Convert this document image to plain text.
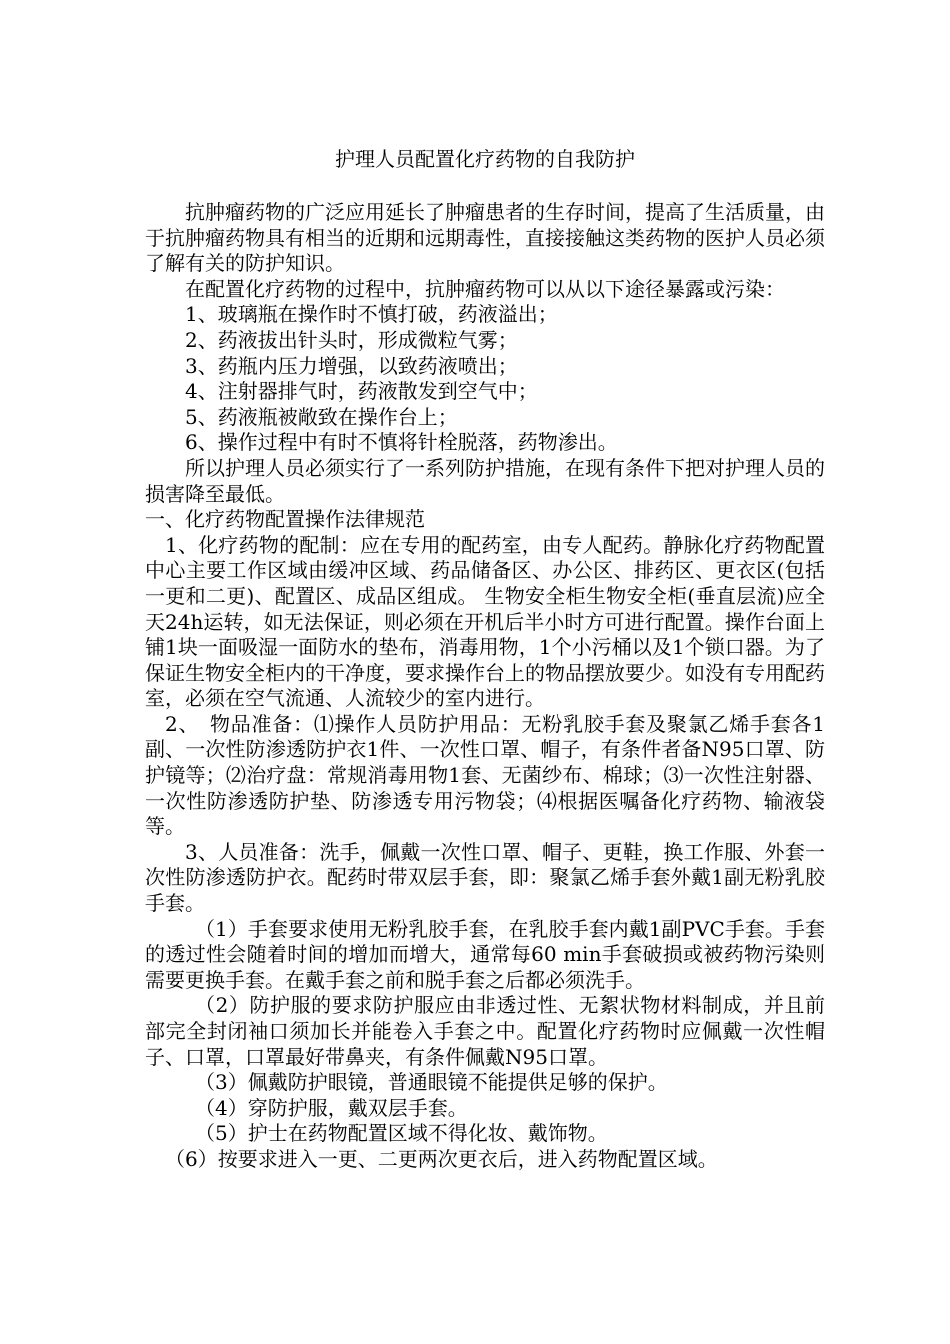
护理人员配置化疗药物的自我防护

抗肿瘤药物的广泛应用延长了肿瘤患者的生存时间，提高了生活质量，由于抗肿瘤药物具有相当的近期和远期毒性，直接接触这类药物的医护人员必须了解有关的防护知识。

在配置化疗药物的过程中，抗肿瘤药物可以从以下途径暴露或污染：

1、玻璃瓶在操作时不慎打破，药液溢出；

2、药液拔出针头时，形成微粒气雾；

3、药瓶内压力增强，以致药液喷出；

4、注射器排气时，药液散发到空气中；

5、药液瓶被敞致在操作台上；

6、操作过程中有时不慎将针栓脱落，药物渗出。

所以护理人员必须实行了一系列防护措施，在现有条件下把对护理人员的损害降至最低。

一、化疗药物配置操作法律规范

1、化疗药物的配制：应在专用的配药室，由专人配药。静脉化疗药物配置中心主要工作区域由缓冲区域、药品储备区、办公区、排药区、更衣区(包括一更和二更)、配置区、成品区组成。 生物安全柜生物安全柜(垂直层流)应全天24h运转，如无法保证，则必须在开机后半小时方可进行配置。操作台面上铺1块一面吸湿一面防水的垫布，消毒用物，1个小污桶以及1个锁口器。为了保证生物安全柜内的干净度，要求操作台上的物品摆放要少。如没有专用配药室，必须在空气流通、人流较少的室内进行。

2、　物品准备：⑴操作人员防护用品：无粉乳胶手套及聚氯乙烯手套各1副、一次性防渗透防护衣1件、一次性口罩、帽子，有条件者备N95口罩、防护镜等；⑵治疗盘：常规消毒用物1套、无菌纱布、棉球；⑶一次性注射器、一次性防渗透防护垫、防渗透专用污物袋；⑷根据医嘱备化疗药物、输液袋等。

3、人员准备：洗手，佩戴一次性口罩、帽子、更鞋，换工作服、外套一次性防渗透防护衣。配药时带双层手套，即：聚氯乙烯手套外戴1副无粉乳胶手套。

（1）手套要求使用无粉乳胶手套，在乳胶手套内戴1副PVC手套。手套的透过性会随着时间的增加而增大，通常每60 min手套破损或被药物污染则需要更换手套。在戴手套之前和脱手套之后都必须洗手。

（2）防护服的要求防护服应由非透过性、无絮状物材料制成，并且前部完全封闭袖口须加长并能卷入手套之中。配置化疗药物时应佩戴一次性帽子、口罩，口罩最好带鼻夹，有条件佩戴N95口罩。

（3）佩戴防护眼镜，普通眼镜不能提供足够的保护。

（4）穿防护服，戴双层手套。

（5）护士在药物配置区域不得化妆、戴饰物。

（6）按要求进入一更、二更两次更衣后，进入药物配置区域。
